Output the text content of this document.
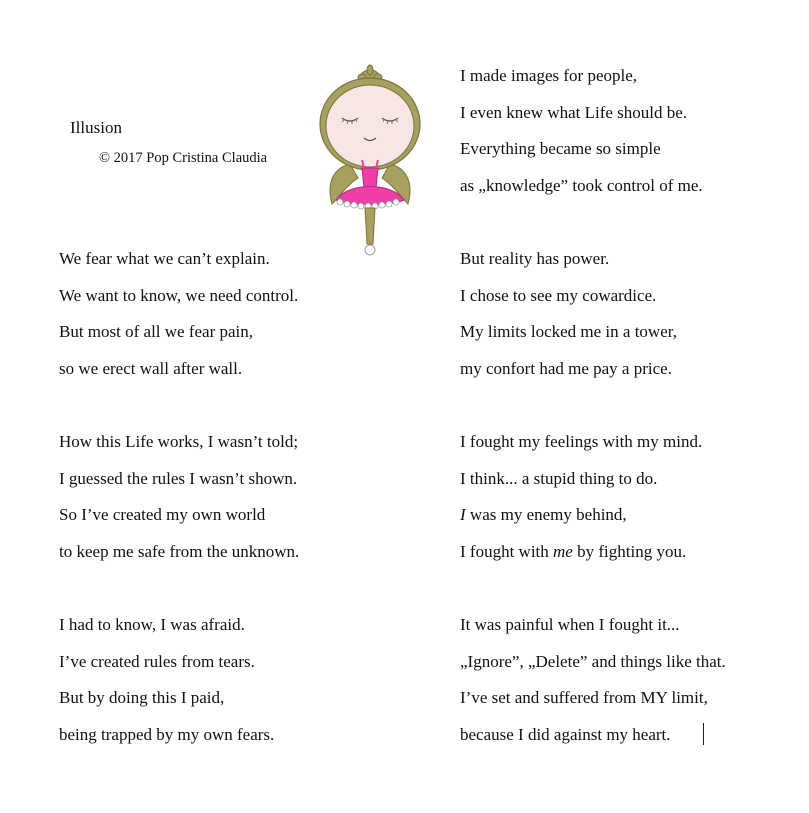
Illusion
© 2017 Pop Cristina Claudia
I made images for people,
I even knew what Life should be.
Everything became so simple
as „knowledge” took control of me.
We fear what we can’t explain.
We want to know, we need control.
But most of all we fear pain,
so we erect wall after wall.
But reality has power.
I chose to see my cowardice.
My limits locked me in a tower,
my confort had me pay a price.
How this Life works, I wasn’t told;
I guessed the rules I wasn’t shown.
So I’ve created my own world
to keep me safe from the unknown.
I fought my feelings with my mind.
I think... a stupid thing to do.
I was my enemy behind,
I fought with me by fighting you.
I had to know, I was afraid.
I’ve created rules from tears.
But by doing this I paid,
being trapped by my own fears.
It was painful when I fought it...
„Ignore”, „Delete” and things like that.
I’ve set and suffered from MY limit,
because I did against my heart.
